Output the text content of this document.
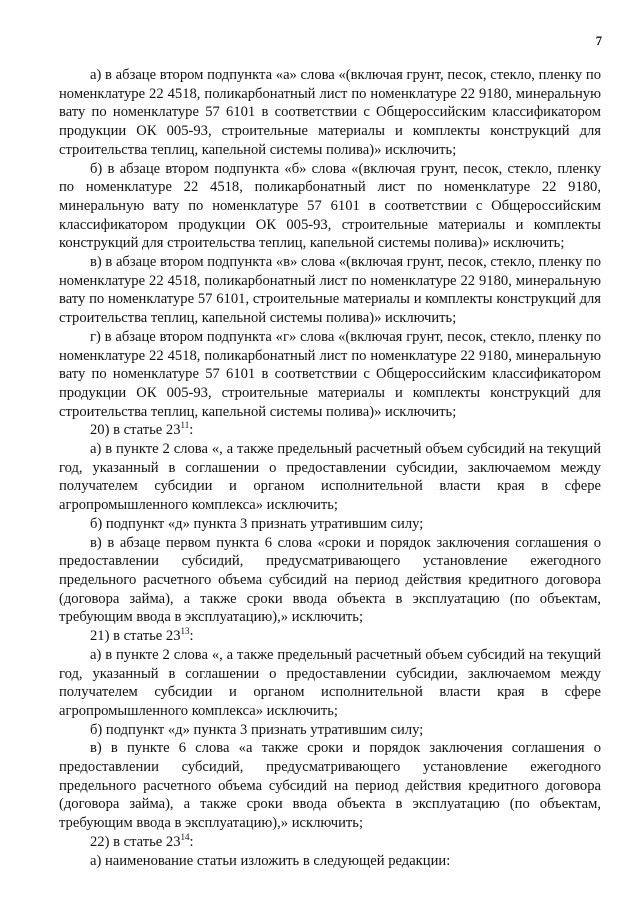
7

а) в абзаце втором подпункта «а» слова «(включая грунт, песок, стекло, пленку по номенклатуре 22 4518, поликарбонатный лист по номенклатуре 22 9180, минеральную вату по номенклатуре 57 6101 в соответствии с Общероссийским классификатором продукции ОК 005-93, строительные материалы и комплекты конструкций для строительства теплиц, капельной системы полива)» исключить;

б) в абзаце втором подпункта «б» слова «(включая грунт, песок, стекло, пленку по номенклатуре 22 4518, поликарбонатный лист по номенклатуре 22 9180, минеральную вату по номенклатуре 57 6101 в соответствии с Общероссийским классификатором продукции ОК 005-93, строительные материалы и комплекты конструкций для строительства теплиц, капельной системы полива)» исключить;

в) в абзаце втором подпункта «в» слова «(включая грунт, песок, стекло, пленку по номенклатуре 22 4518, поликарбонатный лист по номенклатуре 22 9180, минеральную вату по номенклатуре 57 6101, строительные материалы и комплекты конструкций для строительства теплиц, капельной системы полива)» исключить;

г) в абзаце втором подпункта «г» слова «(включая грунт, песок, стекло, пленку по номенклатуре 22 4518, поликарбонатный лист по номенклатуре 22 9180, минеральную вату по номенклатуре 57 6101 в соответствии с Общероссийским классификатором продукции ОК 005-93, строительные материалы и комплекты конструкций для строительства теплиц, капельной системы полива)» исключить;

20) в статье $23^{11}$:

а) в пункте 2 слова «, а также предельный расчетный объем субсидий на текущий год, указанный в соглашении о предоставлении субсидии, заключаемом между получателем субсидии и органом исполнительной власти края в сфере агропромышленного комплекса» исключить;

б) подпункт «д» пункта 3 признать утратившим силу;

в) в абзаце первом пункта 6 слова «сроки и порядок заключения соглашения о предоставлении субсидий, предусматривающего установление ежегодного предельного расчетного объема субсидий на период действия кредитного договора (договора займа), а также сроки ввода объекта в эксплуатацию (по объектам, требующим ввода в эксплуатацию),» исключить;

21) в статье $23^{13}$:

а) в пункте 2 слова «, а также предельный расчетный объем субсидий на текущий год, указанный в соглашении о предоставлении субсидии, заключаемом между получателем субсидии и органом исполнительной власти края в сфере агропромышленного комплекса» исключить;

б) подпункт «д» пункта 3 признать утратившим силу;

в) в пункте 6 слова «а также сроки и порядок заключения соглашения о предоставлении субсидий, предусматривающего установление ежегодного предельного расчетного объема субсидий на период действия кредитного договора (договора займа), а также сроки ввода объекта в эксплуатацию (по объектам, требующим ввода в эксплуатацию),» исключить;

22) в статье $23^{14}$:

а) наименование статьи изложить в следующей редакции:
